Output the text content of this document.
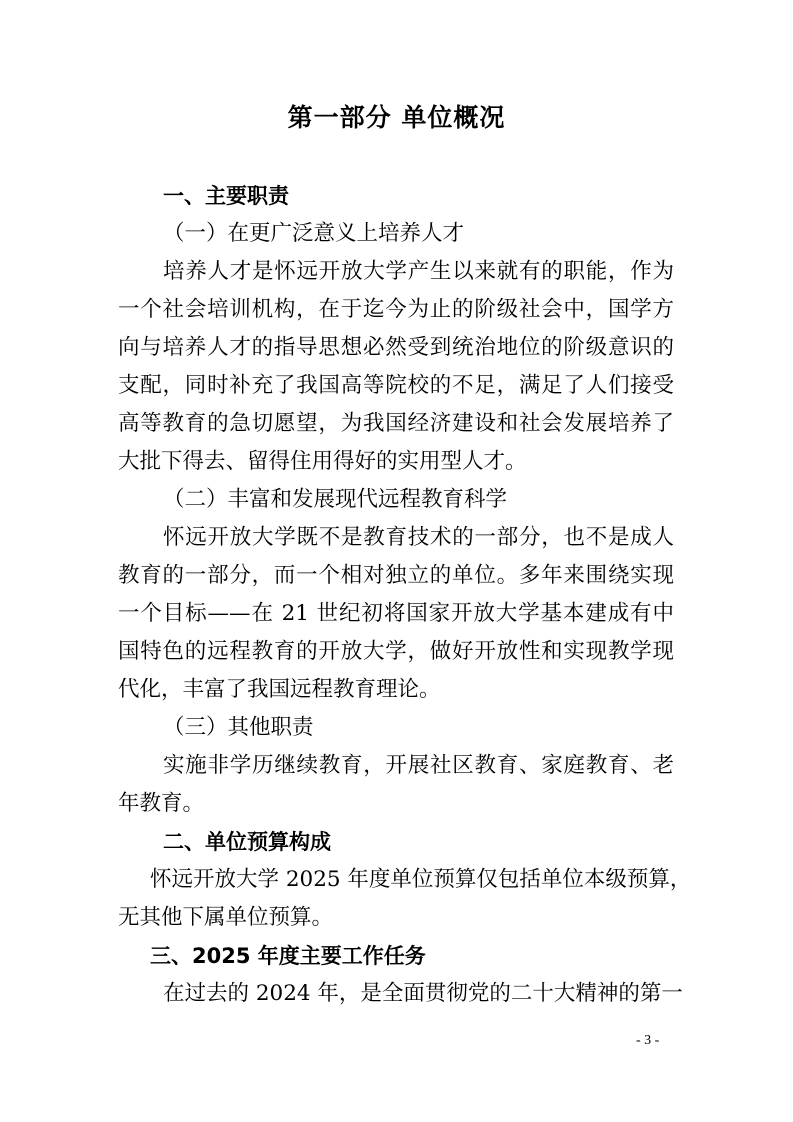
第一部分 单位概况
一、主要职责
（一）在更广泛意义上培养人才
培养人才是怀远开放大学产生以来就有的职能，作为
一个社会培训机构，在于迄今为止的阶级社会中，国学方
向与培养人才的指导思想必然受到统治地位的阶级意识的
支配，同时补充了我国高等院校的不足，满足了人们接受
高等教育的急切愿望，为我国经济建设和社会发展培养了
大批下得去、留得住用得好的实用型人才。
（二）丰富和发展现代远程教育科学
怀远开放大学既不是教育技术的一部分，也不是成人
教育的一部分，而一个相对独立的单位。多年来围绕实现
一个目标——在 21 世纪初将国家开放大学基本建成有中
国特色的远程教育的开放大学，做好开放性和实现教学现
代化，丰富了我国远程教育理论。
（三）其他职责
实施非学历继续教育，开展社区教育、家庭教育、老
年教育。
二、单位预算构成
怀远开放大学 2025 年度单位预算仅包括单位本级预算，
无其他下属单位预算。
三、2025 年度主要工作任务
在过去的 2024 年，是全面贯彻党的二十大精神的第一
- 3 -
